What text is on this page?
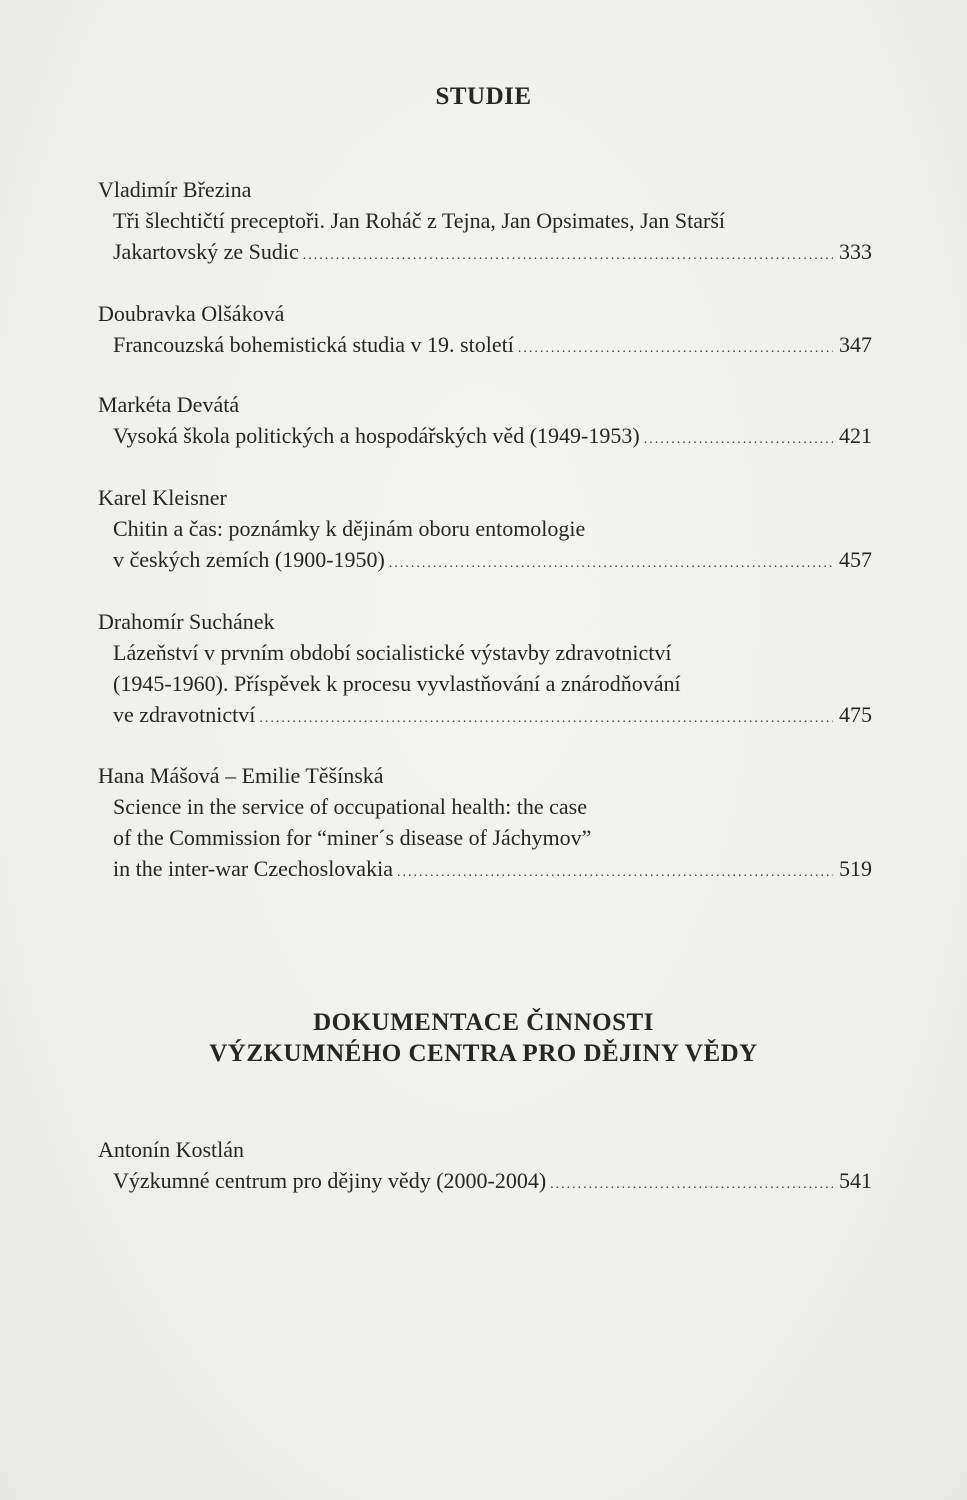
STUDIE
Vladimír Březina
Tři šlechtičtí preceptoři. Jan Roháč z Tejna, Jan Opsimates, Jan Starší
Jakartovský ze Sudic .....	333
Doubravka Olšáková
Francouzská bohemistická studia v 19. století .....	347
Markéta Devátá
Vysoká škola politických a hospodářských věd (1949-1953) .....	421
Karel Kleisner
Chitin a čas: poznámky k dějinám oboru entomologie
v českých zemích (1900-1950) .....	457
Drahomír Suchánek
Lázeňství v prvním období socialistické výstavby zdravotnictví
(1945-1960). Příspěvek k procesu vyvlastňování a znárodňování
ve zdravotnictví .....	475
Hana Mášová – Emilie Těšínská
Science in the service of occupational health: the case
of the Commission for “miner´s disease of Jáchymov”
in the inter-war Czechoslovakia .....	519
DOKUMENTACE ČINNOSTI
VÝZKUMNÉHO CENTRA PRO DĚJINY VĚDY
Antonín Kostlán
Výzkumné centrum pro dějiny vědy (2000-2004) .....	541
